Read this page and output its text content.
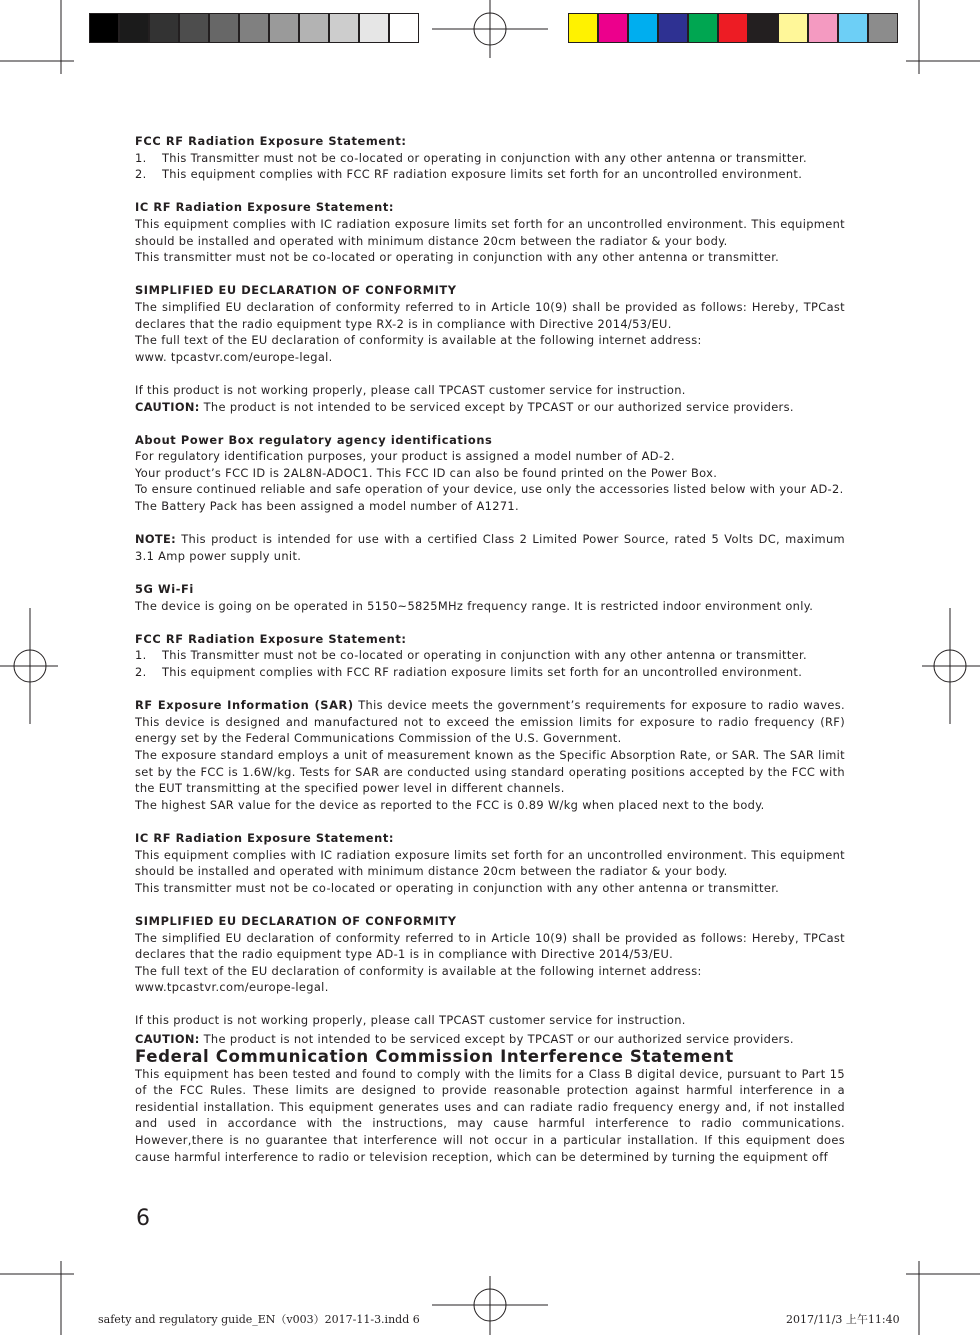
FCC RF Radiation Exposure Statement:

1.	This Transmitter must not be co-located or operating in conjunction with any other antenna or transmitter.
2.	This equipment complies with FCC RF radiation exposure limits set forth for an uncontrolled environment.

IC RF Radiation Exposure Statement:

This equipment complies with IC radiation exposure limits set forth for an uncontrolled environment. This equipment should be installed and operated with minimum distance 20cm between the radiator & your body.

This transmitter must not be co-located or operating in conjunction with any other antenna or transmitter.

SIMPLIFIED EU DECLARATION OF CONFORMITY

The simplified EU declaration of conformity referred to in Article 10(9) shall be provided as follows: Hereby, TPCast declares that the radio equipment type RX-2 is in compliance with Directive 2014/53/EU.

The full text of the EU declaration of conformity is available at the following internet address:

www. tpcastvr.com/europe-legal.

If this product is not working properly, please call TPCAST customer service for instruction.

CAUTION: The product is not intended to be serviced except by TPCAST or our authorized service providers.

About Power Box regulatory agency identifications

For regulatory identification purposes, your product is assigned a model number of AD-2.

Your product’s FCC ID is 2AL8N-ADOC1. This FCC ID can also be found printed on the Power Box.

To ensure continued reliable and safe operation of your device, use only the accessories listed below with your AD-2.

The Battery Pack has been assigned a model number of A1271.

NOTE: This product is intended for use with a certified Class 2 Limited Power Source, rated 5 Volts DC, maximum 3.1 Amp power supply unit.

5G Wi-Fi

The device is going on be operated in 5150~5825MHz frequency range. It is restricted indoor environment only.

FCC RF Radiation Exposure Statement:

1.	This Transmitter must not be co-located or operating in conjunction with any other antenna or transmitter.
2.	This equipment complies with FCC RF radiation exposure limits set forth for an uncontrolled environment.

RF Exposure Information (SAR) This device meets the government’s requirements for exposure to radio waves. This device is designed and manufactured not to exceed the emission limits for exposure to radio frequency (RF) energy set by the Federal Communications Commission of the U.S. Government.

The exposure standard employs a unit of measurement known as the Specific Absorption Rate, or SAR. The SAR limit set by the FCC is 1.6W/kg. Tests for SAR are conducted using standard operating positions accepted by the FCC with the EUT transmitting at the specified power level in different channels.

The highest SAR value for the device as reported to the FCC is 0.89 W/kg when placed next to the body.

IC RF Radiation Exposure Statement:

This equipment complies with IC radiation exposure limits set forth for an uncontrolled environment. This equipment should be installed and operated with minimum distance 20cm between the radiator & your body.

This transmitter must not be co-located or operating in conjunction with any other antenna or transmitter.

SIMPLIFIED EU DECLARATION OF CONFORMITY

The simplified EU declaration of conformity referred to in Article 10(9) shall be provided as follows: Hereby, TPCast declares that the radio equipment type AD-1 is in compliance with Directive 2014/53/EU.

The full text of the EU declaration of conformity is available at the following internet address:

www.tpcastvr.com/europe-legal.

If this product is not working properly, please call TPCAST customer service for instruction.

CAUTION: The product is not intended to be serviced except by TPCAST or our authorized service providers.

Federal Communication Commission Interference Statement

This equipment has been tested and found to comply with the limits for a Class B digital device, pursuant to Part 15 of the FCC Rules. These limits are designed to provide reasonable protection against harmful interference in a residential installation. This equipment generates uses and can radiate radio frequency energy and, if not installed and used in accordance with the instructions, may cause harmful interference to radio communications. However,there is no guarantee that interference will not occur in a particular installation. If this equipment does cause harmful interference to radio or television reception, which can be determined by turning the equipment off

6
safety and regulatory guide_EN（v003）2017-11-3.indd 6	2017/11/3 上午11:40
